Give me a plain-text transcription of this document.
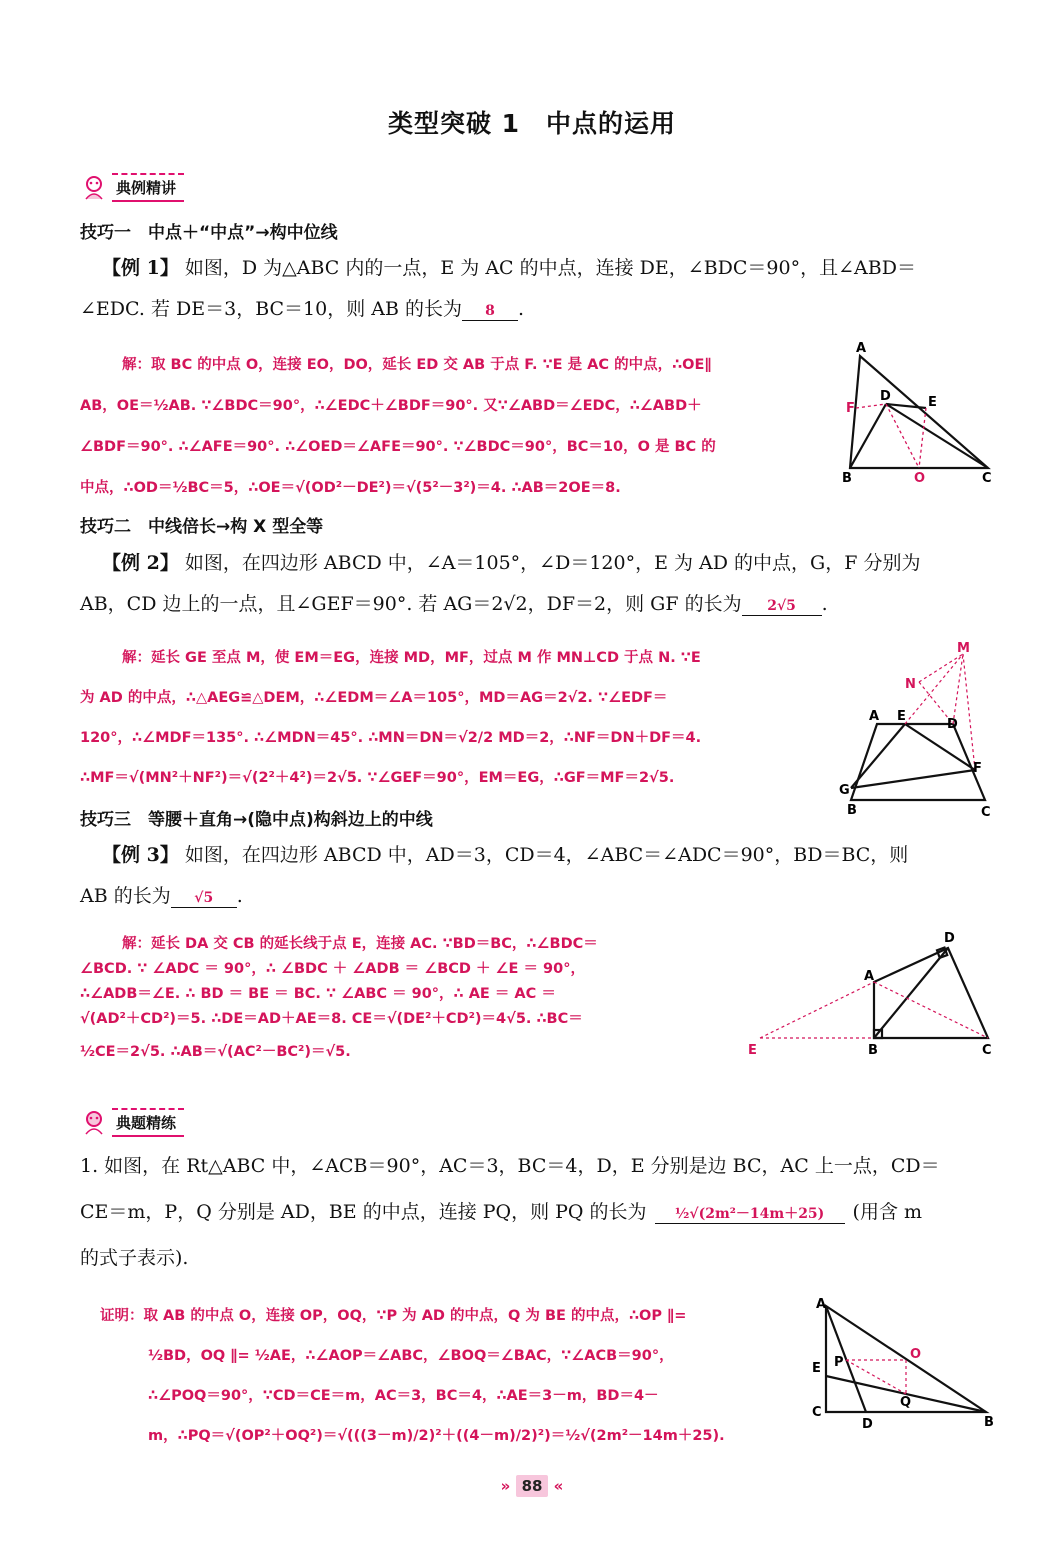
类型突破 1　中点的运用
典例精讲
技巧一　中点＋“中点”→构中位线
【例 1】 如图，D 为△ABC 内的一点，E 为 AC 的中点，连接 DE，∠BDC＝90°，且∠ABD＝
∠EDC. 若 DE＝3，BC＝10，则 AB 的长为 8 .
解：取 BC 的中点 O，连接 EO，DO，延长 ED 交 AB 于点 F. ∵E 是 AC 的中点，∴OE∥
AB，OE＝½AB. ∵∠BDC＝90°，∴∠EDC＋∠BDF＝90°. 又∵∠ABD＝∠EDC，∴∠ABD＋
∠BDF＝90°. ∴∠AFE＝90°. ∴∠OED＝∠AFE＝90°. ∵∠BDC＝90°，BC＝10，O 是 BC 的
中点，∴OD＝½BC＝5，∴OE＝√(OD²－DE²)＝√(5²－3²)＝4. ∴AB＝2OE＝8.
A
B	C
D	E
F
O
技巧二　中线倍长→构 X 型全等
【例 2】 如图，在四边形 ABCD 中，∠A＝105°，∠D＝120°，E 为 AD 的中点，G，F 分别为
AB，CD 边上的一点，且∠GEF＝90°. 若 AG＝2√2，DF＝2，则 GF 的长为 2√5 .
解：延长 GE 至点 M，使 EM＝EG，连接 MD，MF，过点 M 作 MN⊥CD 于点 N. ∵E
为 AD 的中点，∴△AEG≌△DEM，∴∠EDM＝∠A＝105°，MD＝AG＝2√2. ∵∠EDF＝
120°，∴∠MDF＝135°. ∴∠MDN＝45°. ∴MN＝DN＝√2/2 MD＝2，∴NF＝DN＋DF＝4.
∴MF＝√(MN²＋NF²)＝√(2²＋4²)＝2√5. ∵∠GEF＝90°，EM＝EG，∴GF＝MF＝2√5.
A
B	C
D
E
F
G
M
N
技巧三　等腰＋直角→(隐中点)构斜边上的中线
【例 3】 如图，在四边形 ABCD 中，AD＝3，CD＝4，∠ABC＝∠ADC＝90°，BD＝BC，则
AB 的长为 √5 .
解：延长 DA 交 CB 的延长线于点 E，连接 AC. ∵BD＝BC，∴∠BDC＝
∠BCD. ∵ ∠ADC ＝ 90°，∴ ∠BDC ＋ ∠ADB ＝ ∠BCD ＋ ∠E ＝ 90°，
∴∠ADB＝∠E. ∴ BD ＝ BE ＝ BC. ∵ ∠ABC ＝ 90°，∴ AE ＝ AC ＝
√(AD²＋CD²)＝5. ∴DE＝AD＋AE＝8. CE＝√(DE²＋CD²)＝4√5. ∴BC＝
½CE＝2√5. ∴AB＝√(AC²－BC²)＝√5.
A
B	C
D
E
典题精练
1. 如图，在 Rt△ABC 中，∠ACB＝90°，AC＝3，BC＝4，D，E 分别是边 BC，AC 上一点，CD＝
CE＝m，P，Q 分别是 AD，BE 的中点，连接 PQ，则 PQ 的长为 ½√(2m²－14m＋25) (用含 m
的式子表示).
证明：取 AB 的中点 O，连接 OP，OQ，∵P 为 AD 的中点，Q 为 BE 的中点，∴OP ∥=
½BD，OQ ∥= ½AE，∴∠AOP＝∠ABC，∠BOQ＝∠BAC，∵∠ACB＝90°，
∴∠POQ＝90°，∵CD＝CE＝m，AC＝3，BC＝4，∴AE＝3－m，BD＝4－
m，∴PQ＝√(OP²＋OQ²)＝√(((3－m)/2)²＋((4－m)/2)²)＝½√(2m²－14m＋25).
A
B
C
D
E P
Q
O
» 88 «
